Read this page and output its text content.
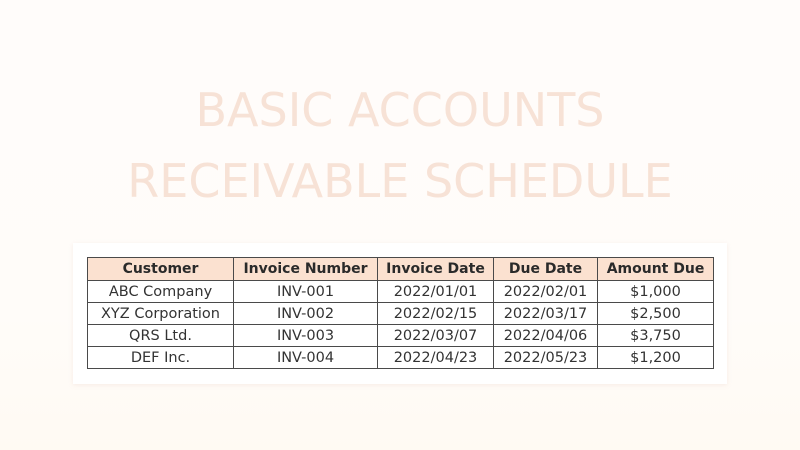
BASIC ACCOUNTS
RECEIVABLE SCHEDULE
Customer	Invoice Number	Invoice Date	Due Date	Amount Due
ABC Company	INV-001	2022/01/01	2022/02/01	$1,000
XYZ Corporation	INV-002	2022/02/15	2022/03/17	$2,500
QRS Ltd.	INV-003	2022/03/07	2022/04/06	$3,750
DEF Inc.	INV-004	2022/04/23	2022/05/23	$1,200
